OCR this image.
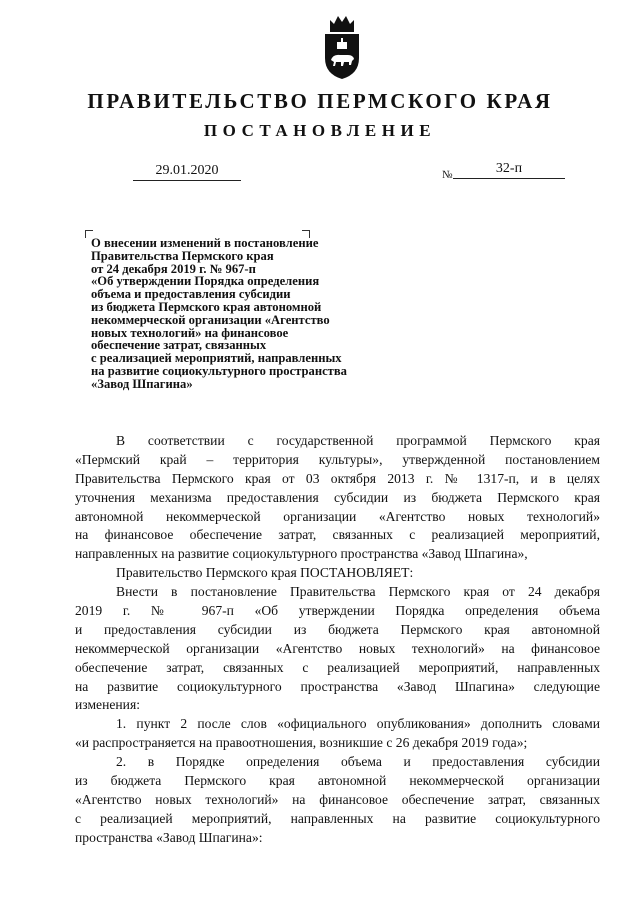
ПРАВИТЕЛЬСТВО ПЕРМСКОГО КРАЯ
ПОСТАНОВЛЕНИЕ
29.01.2020	№	32-п
О внесении изменений в постановление
Правительства Пермского края
от 24 декабря 2019 г. № 967-п
«Об утверждении Порядка определения
объема и предоставления субсидии
из бюджета Пермского края автономной
некоммерческой организации «Агентство
новых технологий» на финансовое
обеспечение затрат, связанных
с реализацией мероприятий, направленных
на развитие социокультурного пространства
«Завод Шпагина»
В соответствии с государственной программой Пермского края
«Пермский край – территория культуры», утвержденной постановлением
Правительства Пермского края от 03 октября 2013 г. № 1317-п, и в целях
уточнения механизма предоставления субсидии из бюджета Пермского края
автономной некоммерческой организации «Агентство новых технологий»
на финансовое обеспечение затрат, связанных с реализацией мероприятий,
направленных на развитие социокультурного пространства «Завод Шпагина»,
Правительство Пермского края ПОСТАНОВЛЯЕТ:
Внести в постановление Правительства Пермского края от 24 декабря
2019 г. № 967-п «Об утверждении Порядка определения объема
и предоставления субсидии из бюджета Пермского края автономной
некоммерческой организации «Агентство новых технологий» на финансовое
обеспечение затрат, связанных с реализацией мероприятий, направленных
на развитие социокультурного пространства «Завод Шпагина» следующие
изменения:
1. пункт 2 после слов «официального опубликования» дополнить словами
«и распространяется на правоотношения, возникшие с 26 декабря 2019 года»;
2. в Порядке определения объема и предоставления субсидии
из бюджета Пермского края автономной некоммерческой организации
«Агентство новых технологий» на финансовое обеспечение затрат, связанных
с реализацией мероприятий, направленных на развитие социокультурного
пространства «Завод Шпагина»:
